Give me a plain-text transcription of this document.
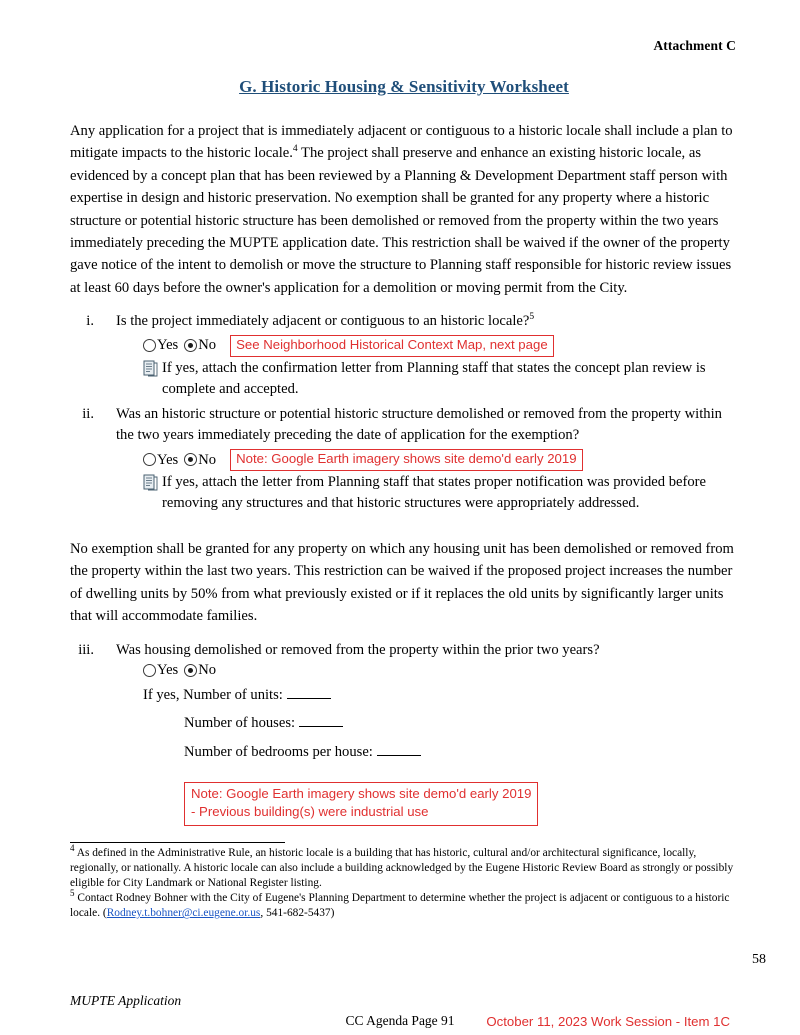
Attachment C
G. Historic Housing & Sensitivity Worksheet

Any application for a project that is immediately adjacent or contiguous to a historic locale shall include a plan to mitigate impacts to the historic locale.$^4$ The project shall preserve and enhance an existing historic locale, as evidenced by a concept plan that has been reviewed by a Planning & Development Department staff person with expertise in design and historic preservation. No exemption shall be granted for any property where a historic structure or potential historic structure has been demolished or removed from the property within the two years immediately preceding the MUPTE application date. This restriction shall be waived if the owner of the property gave notice of the intent to demolish or move the structure to Planning staff responsible for historic review issues at least 60 days before the owner's application for a demolition or moving permit from the City.

i.	Is the project immediately adjacent or contiguous to an historic locale?$^5$
Yes No	See Neighborhood Historical Context Map, next page
If yes, attach the confirmation letter from Planning staff that states the concept plan review is complete and accepted.
ii.	Was an historic structure or potential historic structure demolished or removed from the property within the two years immediately preceding the date of application for the exemption?
Yes No	Note: Google Earth imagery shows site demo'd early 2019
If yes, attach the letter from Planning staff that states proper notification was provided before removing any structures and that historic structures were appropriately addressed.

No exemption shall be granted for any property on which any housing unit has been demolished or removed from the property within the last two years. This restriction can be waived if the proposed project increases the number of dwelling units by 50% from what previously existed or if it replaces the old units by significantly larger units that will accommodate families.

iii.	Was housing demolished or removed from the property within the prior two years?
Yes No
If yes, Number of units:
Number of houses:
Number of bedrooms per house:
Note: Google Earth imagery shows site demo'd early 2019
- Previous building(s) were industrial use

$^4$ As defined in the Administrative Rule, an historic locale is a building that has historic, cultural and/or architectural significance, locally, regionally, or nationally. A historic locale can also include a building acknowledged by the Eugene Historic Review Board as strongly or possibly eligible for City Landmark or National Register listing.

$^5$ Contact Rodney Bohner with the City of Eugene's Planning Department to determine whether the project is adjacent or contiguous to a historic locale. (Rodney.t.bohner@ci.eugene.or.us, 541-682-5437)

58
MUPTE Application
CC Agenda Page 91	October 11, 2023 Work Session - Item 1C
